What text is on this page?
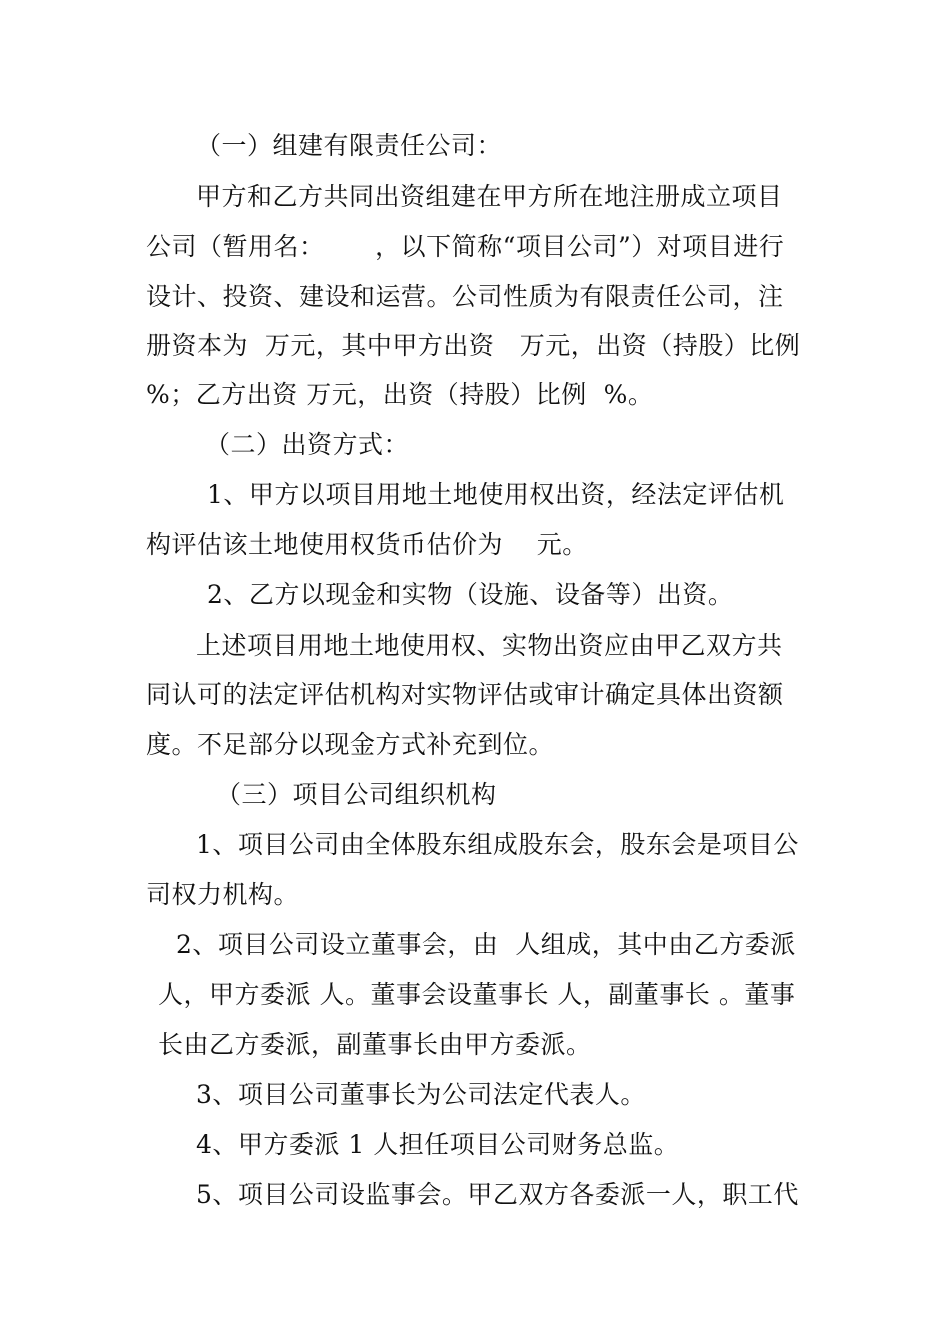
（一）组建有限责任公司：
甲方和乙方共同出资组建在甲方所在地注册成立项目
公司（暂用名：      ，以下简称“项目公司”）对项目进行
设计、投资、建设和运营。公司性质为有限责任公司，注
册资本为  万元，其中甲方出资   万元，出资（持股）比例
%；乙方出资 万元，出资（持股）比例  %。
（二）出资方式：
1、甲方以项目用地土地使用权出资，经法定评估机
构评估该土地使用权货币估价为    元。
2、乙方以现金和实物（设施、设备等）出资。
上述项目用地土地使用权、实物出资应由甲乙双方共
同认可的法定评估机构对实物评估或审计确定具体出资额
度。不足部分以现金方式补充到位。
（三）项目公司组织机构
1、项目公司由全体股东组成股东会，股东会是项目公
司权力机构。
2、项目公司设立董事会，由  人组成，其中由乙方委派
人，甲方委派 人。董事会设董事长 人，副董事长 。董事
长由乙方委派，副董事长由甲方委派。
3、项目公司董事长为公司法定代表人。
4、甲方委派 1 人担任项目公司财务总监。
5、项目公司设监事会。甲乙双方各委派一人，职工代
